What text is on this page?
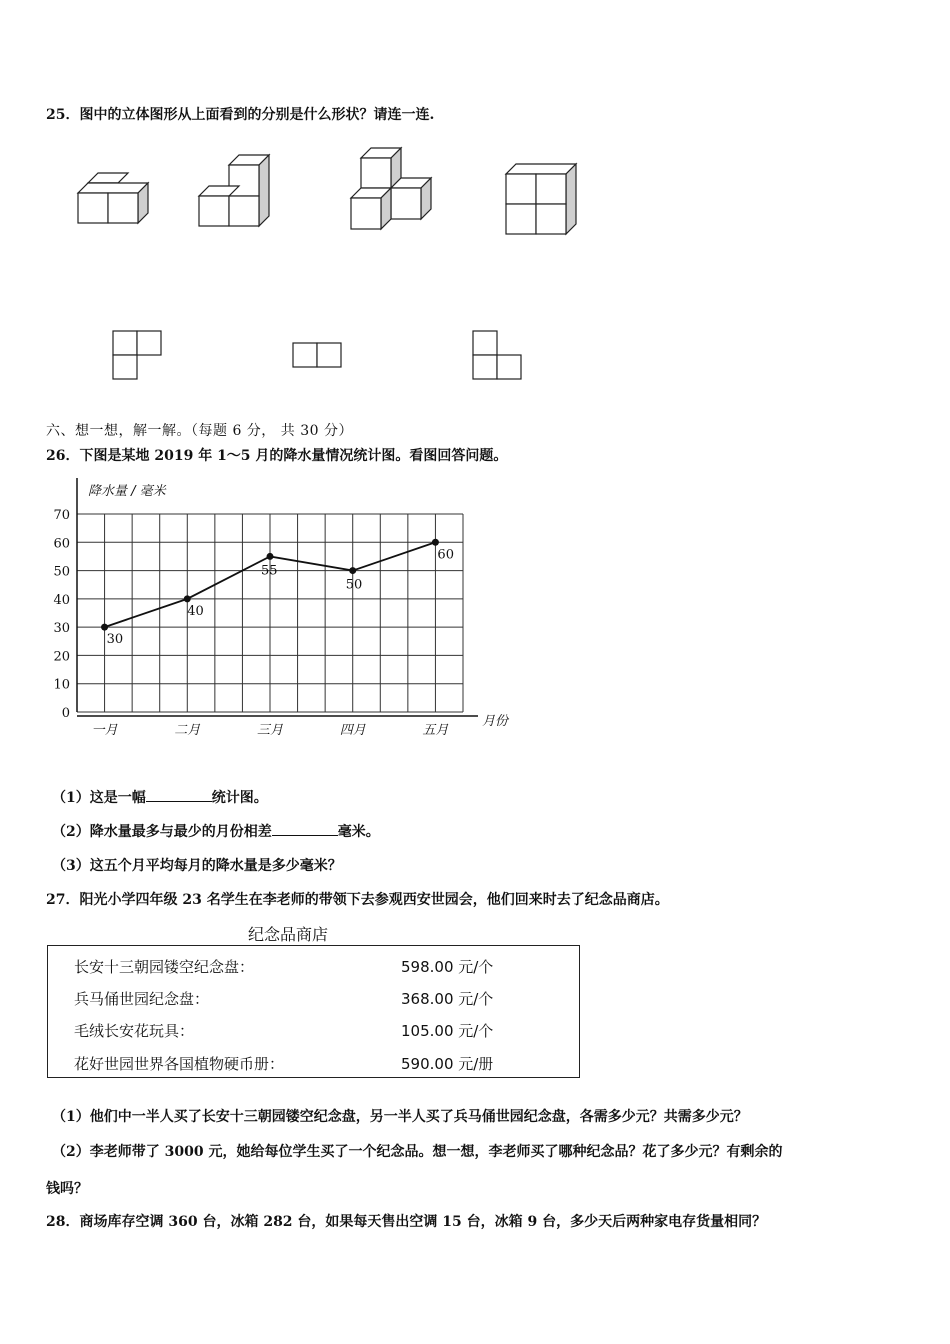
25．图中的立体图形从上面看到的分别是什么形状？请连一连.
六、想一想，解一解。（每题 6 分， 共 30 分）
26．下图是某地 2019 年 1～5 月的降水量情况统计图。看图回答问题。
降水量 / 毫米
月份
0
10
20
30
40
50
60
70
30
一月
40
二月
55
三月
50
四月
60
五月
（1）这是一幅	统计图。
（2）降水量最多与最少的月份相差	毫米。
（3）这五个月平均每月的降水量是多少毫米？
27．阳光小学四年级 23 名学生在李老师的带领下去参观西安世园会，他们回来时去了纪念品商店。
纪念品商店
长安十三朝园镂空纪念盘：	598.00 元/个
兵马俑世园纪念盘：	368.00 元/个
毛绒长安花玩具：	105.00 元/个
花好世园世界各国植物硬币册：	590.00 元/册
（1）他们中一半人买了长安十三朝园镂空纪念盘，另一半人买了兵马俑世园纪念盘，各需多少元？共需多少元？
（2）李老师带了 3000 元，她给每位学生买了一个纪念品。想一想，李老师买了哪种纪念品？花了多少元？有剩余的
钱吗？
28．商场库存空调 360 台，冰箱 282 台，如果每天售出空调 15 台，冰箱 9 台，多少天后两种家电存货量相同？
